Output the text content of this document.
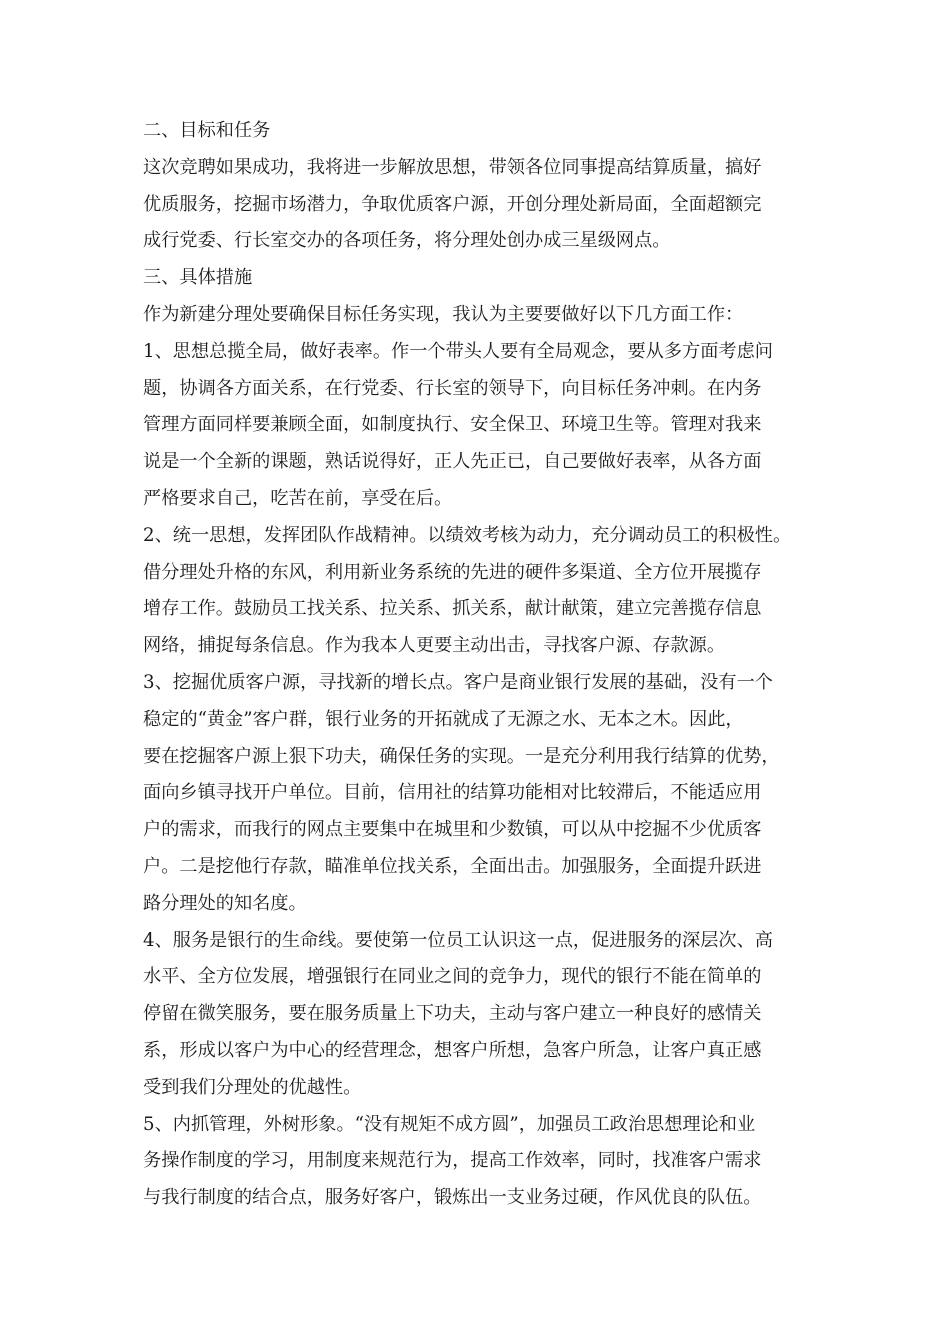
二、目标和任务
这次竞聘如果成功，我将进一步解放思想，带领各位同事提高结算质量，搞好
优质服务，挖掘市场潜力，争取优质客户源，开创分理处新局面，全面超额完
成行党委、行长室交办的各项任务，将分理处创办成三星级网点。
三、具体措施
作为新建分理处要确保目标任务实现，我认为主要要做好以下几方面工作：
1、思想总揽全局，做好表率。作一个带头人要有全局观念，要从多方面考虑问
题，协调各方面关系，在行党委、行长室的领导下，向目标任务冲刺。在内务
管理方面同样要兼顾全面，如制度执行、安全保卫、环境卫生等。管理对我来
说是一个全新的课题，熟话说得好，正人先正已，自己要做好表率，从各方面
严格要求自己，吃苦在前，享受在后。
2、统一思想，发挥团队作战精神。以绩效考核为动力，充分调动员工的积极性。
借分理处升格的东风，利用新业务系统的先进的硬件多渠道、全方位开展揽存
增存工作。鼓励员工找关系、拉关系、抓关系，献计献策，建立完善揽存信息
网络，捕捉每条信息。作为我本人更要主动出击，寻找客户源、存款源。
3、挖掘优质客户源，寻找新的增长点。客户是商业银行发展的基础，没有一个
稳定的“黄金”客户群，银行业务的开拓就成了无源之水、无本之木。因此，
要在挖掘客户源上狠下功夫，确保任务的实现。一是充分利用我行结算的优势，
面向乡镇寻找开户单位。目前，信用社的结算功能相对比较滞后，不能适应用
户的需求，而我行的网点主要集中在城里和少数镇，可以从中挖掘不少优质客
户。二是挖他行存款，瞄准单位找关系，全面出击。加强服务，全面提升跃进
路分理处的知名度。
4、服务是银行的生命线。要使第一位员工认识这一点，促进服务的深层次、高
水平、全方位发展，增强银行在同业之间的竞争力，现代的银行不能在简单的
停留在微笑服务，要在服务质量上下功夫，主动与客户建立一种良好的感情关
系，形成以客户为中心的经营理念，想客户所想，急客户所急，让客户真正感
受到我们分理处的优越性。
5、内抓管理，外树形象。“没有规矩不成方圆”，加强员工政治思想理论和业
务操作制度的学习，用制度来规范行为，提高工作效率，同时，找准客户需求
与我行制度的结合点，服务好客户，锻炼出一支业务过硬，作风优良的队伍。
